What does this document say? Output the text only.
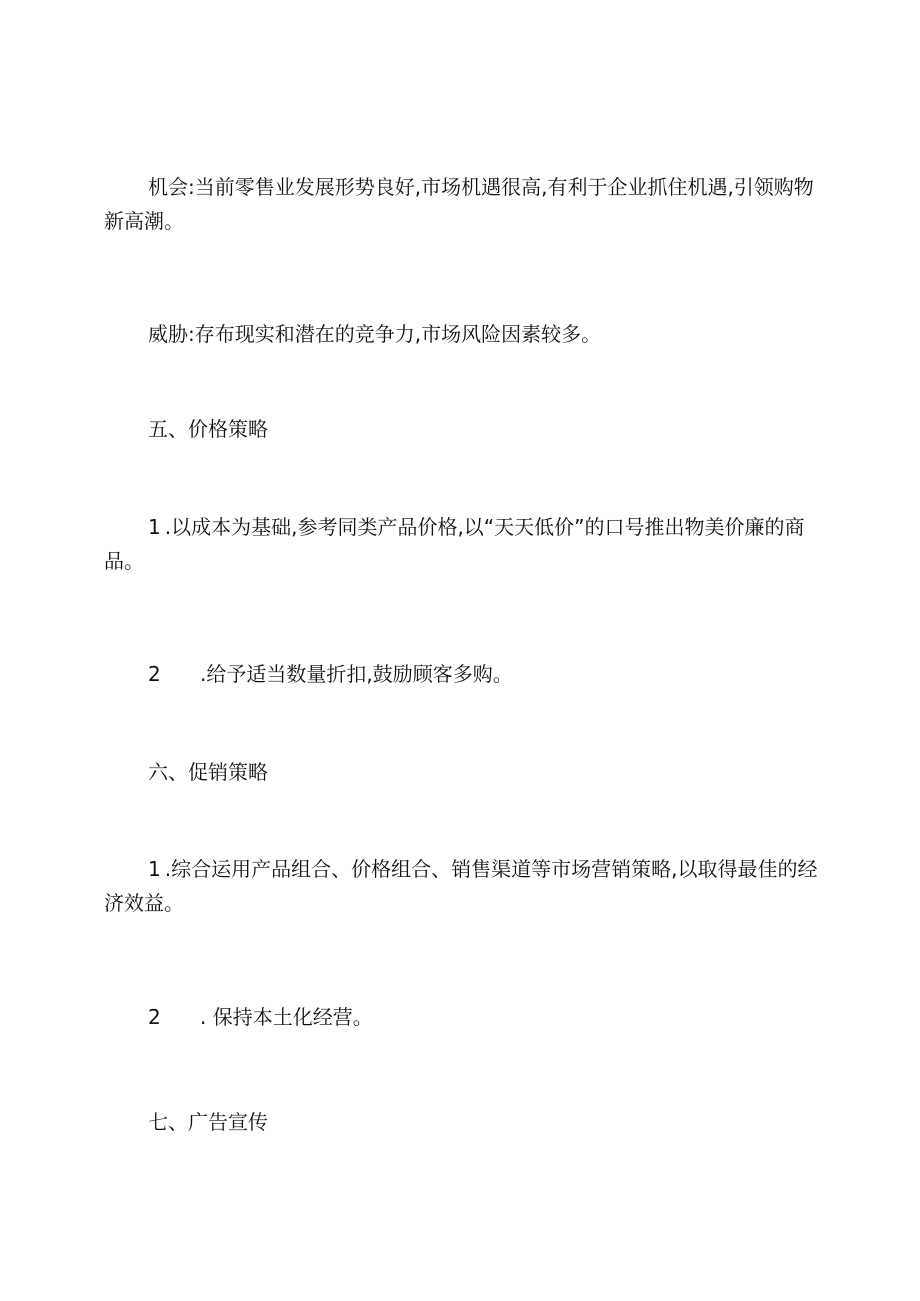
机会:当前零售业发展形势良好,市场机遇很高,有利于企业抓住机遇,引领购物新高潮。

威胁:存布现实和潜在的竞争力,市场风险因素较多。

五、价格策略

1 .以成本为基础,参考同类产品价格,以“天天低价”的口号推出物美价廉的商品。

2 .给予适当数量折扣,鼓励顾客多购。

六、促销策略

1 .综合运用产品组合、价格组合、销售渠道等市场营销策略,以取得最佳的经济效益。

2 . 保持本土化经营。

七、广告宣传
